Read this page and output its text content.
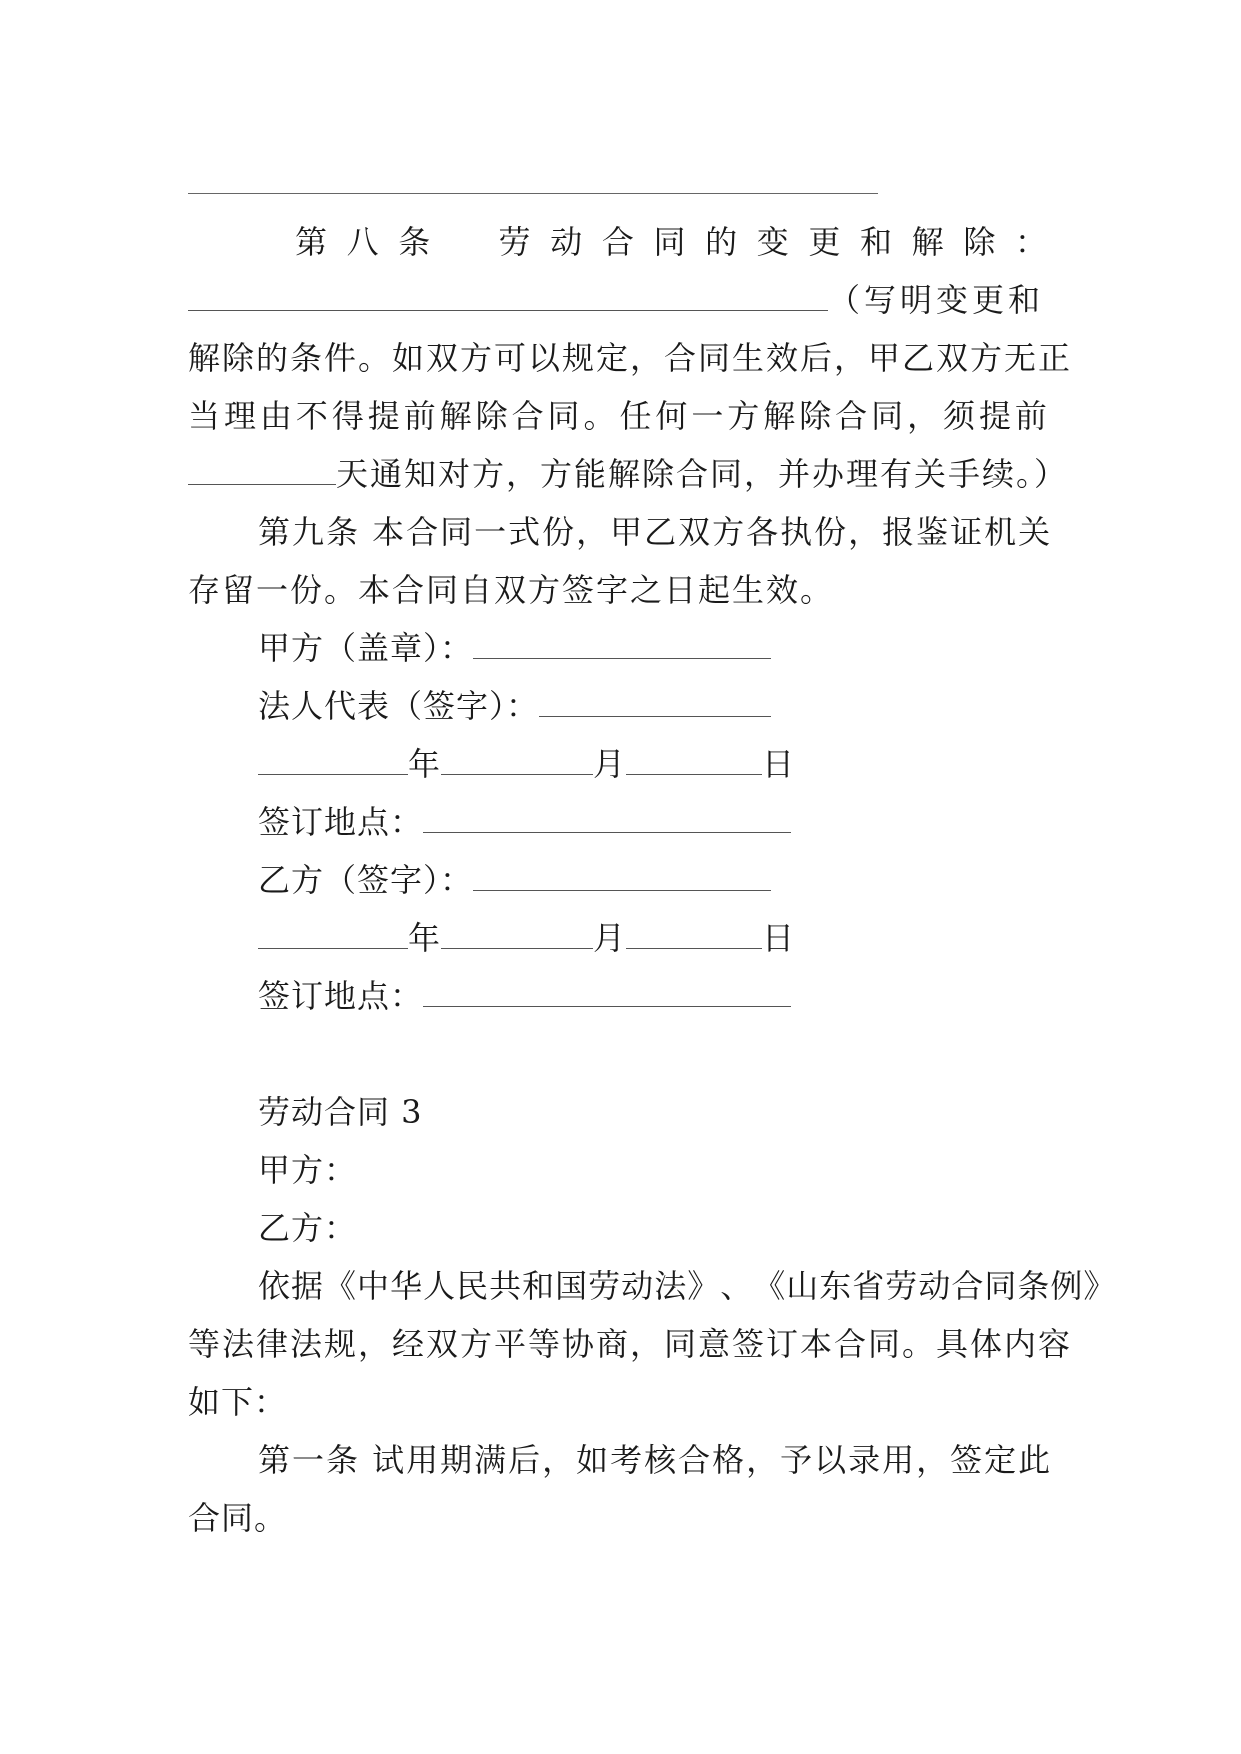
第 八 条 劳 动 合 同 的 变 更 和 解 除 ：
（写明变更和
解除的条件。如双方可以规定，合同生效后，甲乙双方无正
当 理 由 不 得 提 前 解 除 合 同 。 任 何 一 方 解 除 合 同 ， 须 提 前
天通知对方，方能解除合同，并办理有关手续。）
第九条 本合同一式份，甲乙双方各执份，报鉴证机关
存留一份。本合同自双方签字之日起生效。
甲方（盖章）：
法人代表（签字）：
年	月	日
签订地点：
乙方（签字）：
年	月	日
签订地点：
劳动合同 3
甲方：
乙方：
依 据 《 中 华 人 民 共 和 国 劳 动 法 》 、 《 山 东 省 劳 动 合 同 条 例 》
等法律法规，经双方平等协商，同意签订本合同。具体内容
如下：
第一条 试用期满后，如考核合格，予以录用，签定此
合同。
